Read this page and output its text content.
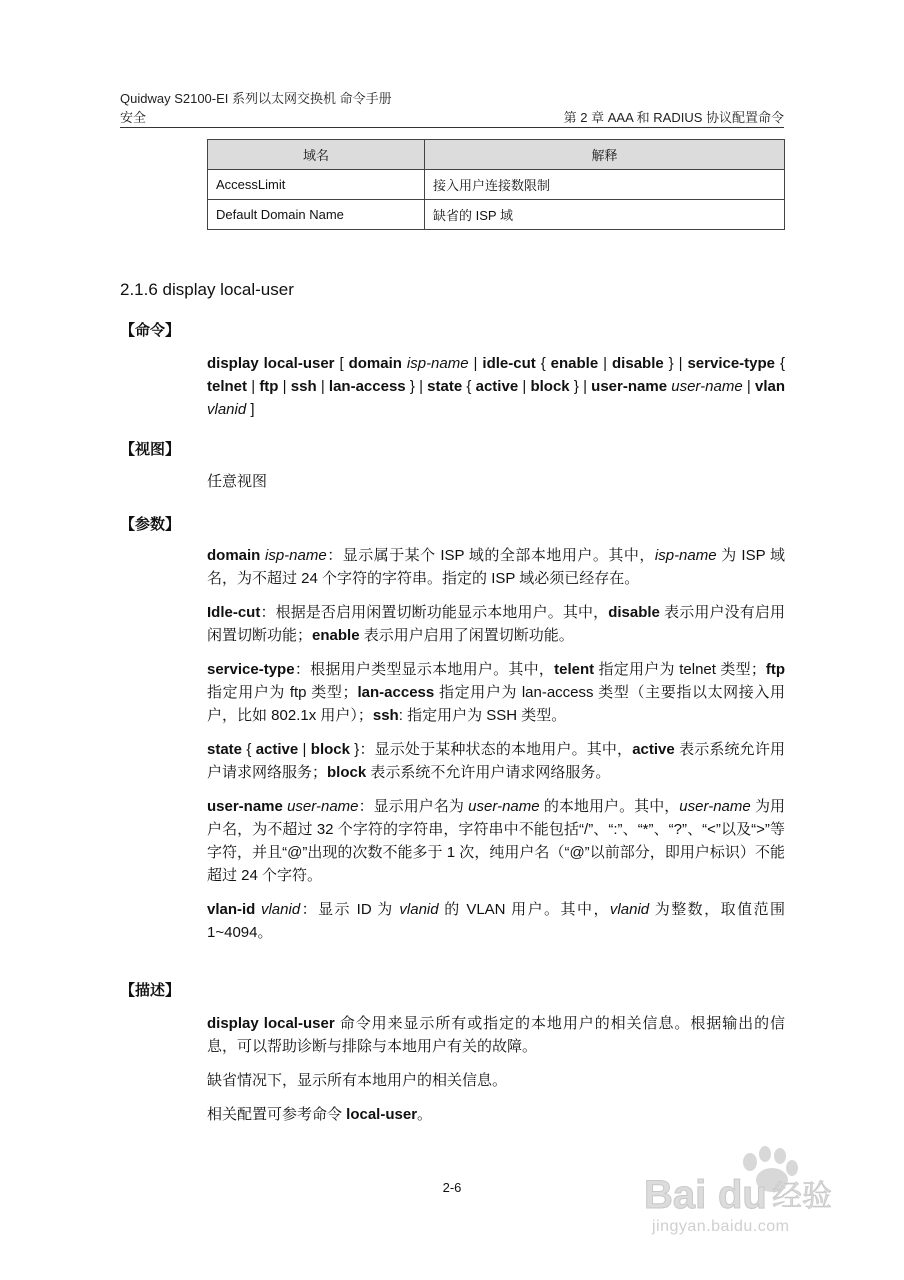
Quidway S2100-EI 系列以太网交换机 命令手册
安全	第 2 章 AAA 和 RADIUS 协议配置命令
域名	解释
AccessLimit	接入用户连接数限制
Default Domain Name	缺省的 ISP 域
2.1.6 display local-user
【命令】
display local-user [ domain isp-name | idle-cut { enable | disable } | service-type { telnet | ftp | ssh | lan-access } | state { active | block } | user-name user-name | vlan vlanid ]
【视图】
任意视图
【参数】

domain isp-name：显示属于某个 ISP 域的全部本地用户。其中，isp-name 为 ISP 域名，为不超过 24 个字符的字符串。指定的 ISP 域必须已经存在。

Idle-cut：根据是否启用闲置切断功能显示本地用户。其中，disable 表示用户没有启用闲置切断功能；enable 表示用户启用了闲置切断功能。

service-type：根据用户类型显示本地用户。其中，telent 指定用户为 telnet 类型；ftp 指定用户为 ftp 类型；lan-access 指定用户为 lan-access 类型（主要指以太网接入用户，比如 802.1x 用户）；ssh: 指定用户为 SSH 类型。

state { active | block }：显示处于某种状态的本地用户。其中，active 表示系统允许用户请求网络服务；block 表示系统不允许用户请求网络服务。

user-name user-name：显示用户名为 user-name 的本地用户。其中，user-name 为用户名，为不超过 32 个字符的字符串，字符串中不能包括“/”、“:”、“*”、“?”、“<”以及“>”等字符，并且“@”出现的次数不能多于 1 次，纯用户名（“@”以前部分，即用户标识）不能超过 24 个字符。

vlan-id vlanid：显示 ID 为 vlanid 的 VLAN 用户。其中，vlanid 为整数，取值范围 1~4094。

【描述】

display local-user 命令用来显示所有或指定的本地用户的相关信息。根据输出的信息，可以帮助诊断与排除与本地用户有关的故障。

缺省情况下，显示所有本地用户的相关信息。

相关配置可参考命令 local-user。

2-6	Bai du 经验
jingyan.baidu.com
